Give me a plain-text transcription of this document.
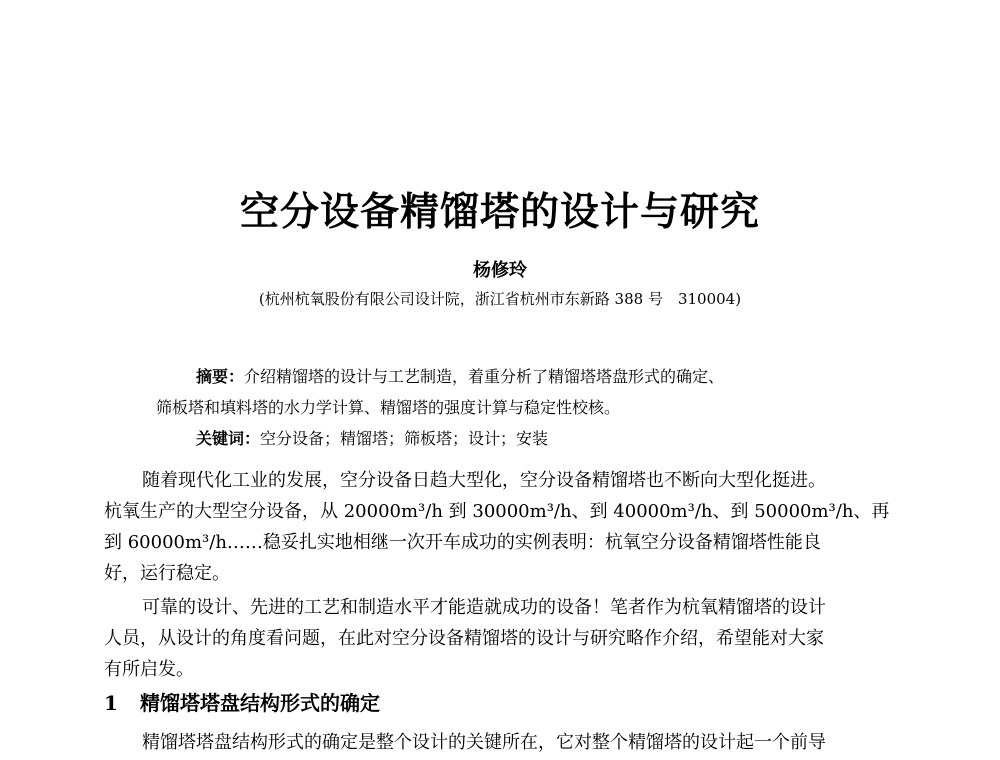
空分设备精馏塔的设计与研究
杨修玲
(杭州杭氧股份有限公司设计院，浙江省杭州市东新路 388 号　310004)
摘要：介绍精馏塔的设计与工艺制造，着重分析了精馏塔塔盘形式的确定、
筛板塔和填料塔的水力学计算、精馏塔的强度计算与稳定性校核。
关键词：空分设备；精馏塔；筛板塔；设计；安装
随着现代化工业的发展，空分设备日趋大型化，空分设备精馏塔也不断向大型化挺进。
杭氧生产的大型空分设备，从 20000m³/h 到 30000m³/h、到 40000m³/h、到 50000m³/h、再
到 60000m³/h……稳妥扎实地相继一次开车成功的实例表明：杭氧空分设备精馏塔性能良
好，运行稳定。
可靠的设计、先进的工艺和制造水平才能造就成功的设备！笔者作为杭氧精馏塔的设计
人员，从设计的角度看问题，在此对空分设备精馏塔的设计与研究略作介绍，希望能对大家
有所启发。
1 精馏塔塔盘结构形式的确定
精馏塔塔盘结构形式的确定是整个设计的关键所在，它对整个精馏塔的设计起一个前导
